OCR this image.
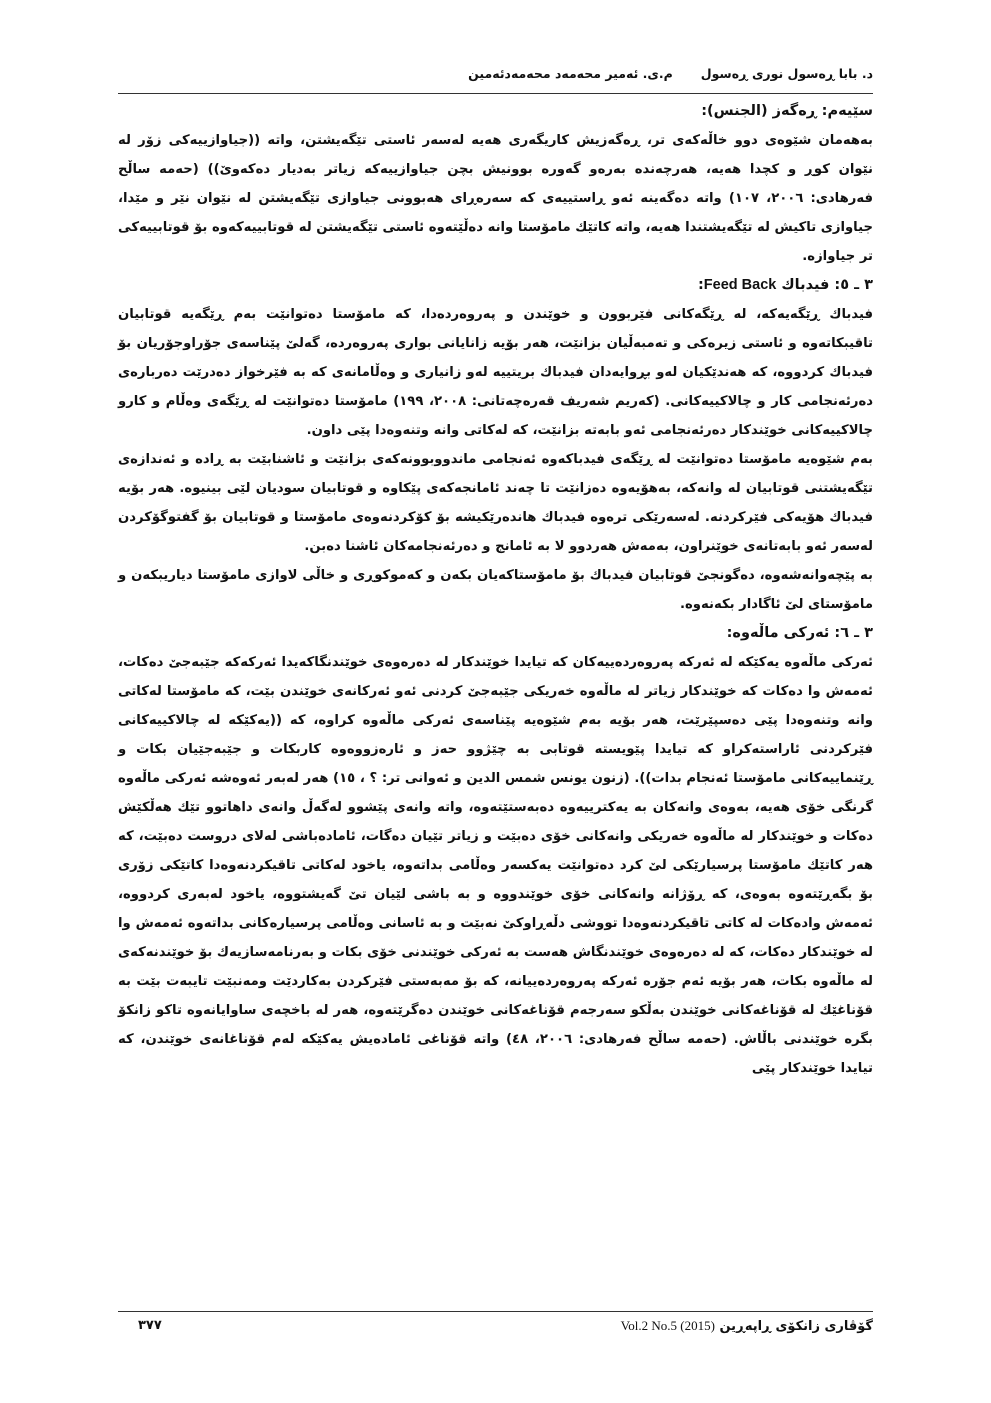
د. بابا ڕەسول نوری ڕەسولم.ی. ئەمیر محەمەد محەمەدئەمین
سێیەم: ڕەگەز (الجنس):

بەهەمان شێوەی دوو خاڵەکەی تر، ڕەگەزیش کاریگەری هەیە لەسەر ئاستی تێگەیشتن، واتە ((جیاوازییەکی زۆر لە نێوان کوڕ و کچدا هەیە، هەرچەندە بەرەو گەورە بوونیش بچن جیاوازییەکە زیاتر بەدیار دەکەوێ)) (حەمە ساڵح فەرهادی: ٢٠٠٦، ١٠٧) واتە دەگەینە ئەو ڕاستییەی کە سەرەڕای هەبوونی جیاوازی تێگەیشتن لە نێوان نێر و مێدا، جیاوازی تاکیش لە تێگەیشتندا هەیە، واتە کاتێك مامۆستا وانە دەڵێتەوە ئاستی تێگەیشتن لە قوتابییەکەوە بۆ قوتابییەکی تر جیاوازە.

٣ ـ ٥: فیدباك Feed Back:

فیدباك ڕێگەیەکە، لە ڕێگەکانی فێربوون و خوێندن و پەروەردەدا، کە مامۆستا دەتوانێت بەم ڕێگەیە قوتابیان تاقیبکاتەوە و ئاستی زیرەکی و تەمبەڵیان بزانێت، هەر بۆیە زانایانی بواری پەروەردە، گەلێ پێناسەی جۆراوجۆریان بۆ فیدباك کردووە، کە هەندێکیان لەو بڕوایەدان فیدباك بریتییە لەو زانیاری و وەڵامانەی کە بە فێرخواز دەدرێت دەربارەی دەرئەنجامی کار و چالاکییەکانی. (کەریم شەریف قەرەچەتانی: ٢٠٠٨، ١٩٩) مامۆستا دەتوانێت لە ڕێگەی وەڵام و کارو چالاکییەکانی خوێندکار دەرئەنجامی ئەو بابەتە بزانێت، کە لەکاتی وانە وتنەوەدا پێی داون.

بەم شێوەیە مامۆستا دەتوانێت لە ڕێگەی فیدباکەوە ئەنجامی ماندووبوونەکەی بزانێت و ئاشنابێت بە ڕادە و ئەندازەی تێگەیشتنی قوتابیان لە وانەکە، بەهۆیەوە دەزانێت تا چەند ئامانجەکەی پێکاوە و قوتابیان سودیان لێی بینیوە. هەر بۆیە فیدباك هۆیەکی فێرکردنە. لەسەرێکی ترەوە فیدباك هاندەرێکیشە بۆ کۆکردنەوەی مامۆستا و قوتابیان بۆ گفتوگۆکردن لەسەر ئەو بابەتانەی خوێنراون، بەمەش هەردوو لا بە ئامانج و دەرئەنجامەکان ئاشنا دەبن.

بە پێچەوانەشەوە، دەگونجێ قوتابیان فیدباك بۆ مامۆستاکەیان بکەن و کەموکوڕی و خاڵی لاوازی مامۆستا دیاریبکەن و مامۆستای لێ ئاگادار بکەنەوە.

٣ ـ ٦: ئەرکی ماڵەوە:

ئەرکی ماڵەوە یەکێکە لە ئەرکە پەروەردەییەکان کە تیایدا خوێندکار لە دەرەوەی خوێندنگاکەیدا ئەرکەکە جێبەجێ دەکات، ئەمەش وا دەکات کە خوێندکار زیاتر لە ماڵەوە خەریکی جێبەجێ کردنی ئەو ئەرکانەی خوێندن بێت، کە مامۆستا لەکاتی وانە وتنەوەدا پێی دەسپێرێت، هەر بۆیە بەم شێوەیە پێناسەی ئەرکی ماڵەوە کراوە، کە ((یەکێکە لە چالاکییەکانی فێرکردنی ئاراستەکراو کە تیایدا پێویستە قوتابی بە چێژوو حەز و ئارەزووەوە کاربکات و جێبەجێیان بکات و ڕێنماییەکانی مامۆستا ئەنجام بدات)). (زنون یونس شمس الدین و ئەوانی تر: ؟ ، ١٥) هەر لەبەر ئەوەشە ئەرکی ماڵەوە گرنگی خۆی هەیە، بەوەی وانەکان بە یەکترییەوە دەبەستێتەوە، واتە وانەی پێشوو لەگەڵ وانەی داهاتوو تێك هەڵکێش دەکات و خوێندکار لە ماڵەوە خەریکی وانەکانی خۆی دەبێت و زیاتر تێیان دەگات، ئامادەباشی لەلای دروست دەبێت، کە هەر کاتێك مامۆستا پرسیارێکی لێ کرد دەتوانێت یەکسەر وەڵامی بداتەوە، یاخود لەکاتی تاقیکردنەوەدا کاتێکی زۆری بۆ بگەڕێتەوە بەوەی، کە ڕۆژانە وانەکانی خۆی خوێندووە و بە باشی لێیان تێ گەیشتووە، یاخود لەبەری کردووە، ئەمەش وادەکات لە کاتی تاقیکردنەوەدا تووشی دڵەڕاوکێ نەبێت و بە ئاسانی وەڵامی پرسیارەکانی بداتەوە ئەمەش وا لە خوێندکار دەکات، کە لە دەرەوەی خوێندنگاش هەست بە ئەرکی خوێندنی خۆی بکات و بەرنامەسازیەك بۆ خوێندنەکەی لە ماڵەوە بکات، هەر بۆیە ئەم جۆرە ئەرکە پەروەردەییانە، کە بۆ مەبەستی فێرکردن بەکاردێت ومەنبێت تایبەت بێت بە قۆناغێك لە قۆناغەکانی خوێندن بەڵکو سەرجەم قۆناغەکانی خوێندن دەگرێتەوە، هەر لە باخچەی ساوایانەوە تاکو زانکۆ بگرە خوێندنی باڵاش. (حەمە ساڵح فەرهادی: ٢٠٠٦، ٤٨) واتە قۆناغی ئامادەیش یەکێکە لەم قۆناغانەی خوێندن، کە تیایدا خوێندکار پێی

گۆڤاری زانکۆی ڕاپەڕین Vol.2 No.5 (2015)
٣٧٧
